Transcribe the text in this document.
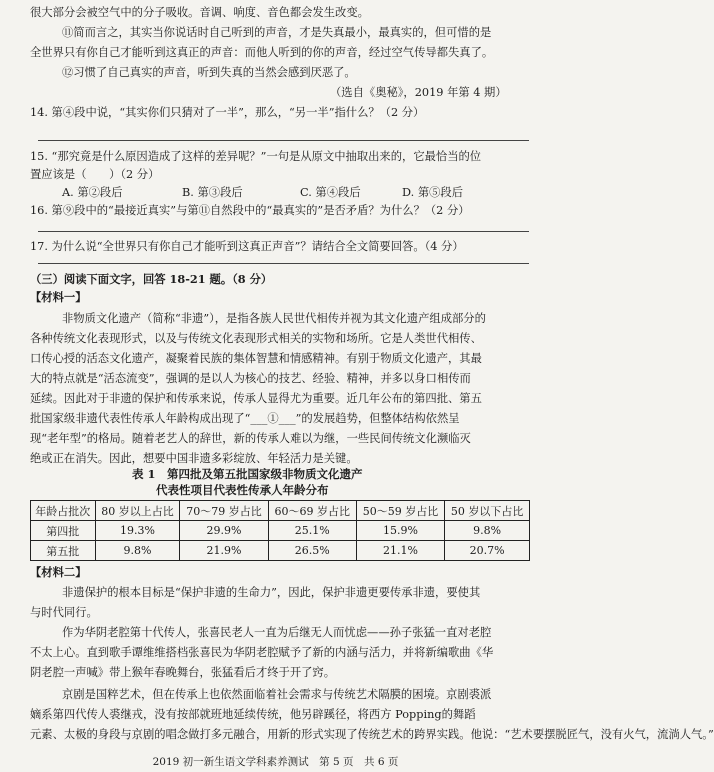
很大部分会被空气中的分子吸收。音调、响度、音色都会发生改变。
⑪简而言之，其实当你说话时自己听到的声音，才是失真最小，最真实的，但可惜的是
全世界只有你自己才能听到这真正的声音：而他人听到的你的声音，经过空气传导都失真了。
⑫习惯了自己真实的声音，听到失真的当然会感到厌恶了。
（选自《奥秘》，2019 年第 4 期）
14. 第④段中说，“其实你们只猜对了一半”，那么，“另一半”指什么？（2 分）
15. “那究竟是什么原因造成了这样的差异呢？”一句是从原文中抽取出来的，它最恰当的位
置应该是（　　）（2 分）
A. 第②段后	B. 第③段后	C. 第④段后	D. 第⑤段后
16. 第⑨段中的“最接近真实”与第⑪自然段中的“最真实的”是否矛盾？为什么？（2 分）
17. 为什么说“全世界只有你自己才能听到这真正声音”？请结合全文简要回答。（4 分）
（三）阅读下面文字，回答 18-21 题。（8 分）
【材料一】
非物质文化遗产（简称“非遗”），是指各族人民世代相传并视为其文化遗产组成部分的
各种传统文化表现形式，以及与传统文化表现形式相关的实物和场所。它是人类世代相传、
口传心授的活态文化遗产，凝聚着民族的集体智慧和情感精神。有别于物质文化遗产，其最
大的特点就是“活态流变”，强调的是以人为核心的技艺、经验、精神，并多以身口相传而
延续。因此对于非遗的保护和传承来说，传承人显得尤为重要。近几年公布的第四批、第五
批国家级非遗代表性传承人年龄构成出现了“___①___”的发展趋势，但整体结构依然呈
现“老年型”的格局。随着老艺人的辞世，新的传承人难以为继，一些民间传统文化濒临灭
绝或正在消失。因此，想要中国非遗多彩绽放、年轻活力是关键。
表 1　第四批及第五批国家级非物质文化遗产
代表性项目代表性传承人年龄分布
年龄占批次	80 岁以上占比	70～79 岁占比	60～69 岁占比	50～59 岁占比	50 岁以下占比
第四批	19.3%	29.9%	25.1%	15.9%	9.8%
第五批	9.8%	21.9%	26.5%	21.1%	20.7%
【材料二】
非遗保护的根本目标是“保护非遗的生命力”，因此，保护非遗更要传承非遗，要使其
与时代同行。
作为华阴老腔第十代传人，张喜民老人一直为后继无人而忧虑——孙子张猛一直对老腔
不太上心。直到歌手谭维维搭档张喜民为华阴老腔赋予了新的内涵与活力，并将新编歌曲《华
阴老腔一声喊》带上猴年春晚舞台，张猛看后才终于开了窍。
京剧是国粹艺术，但在传承上也依然面临着社会需求与传统艺术隔膜的困境。京剧裘派
嫡系第四代传人裘继戎，没有按部就班地延续传统，他另辟蹊径，将西方 Popping的舞蹈
元素、太极的身段与京剧的唱念做打多元融合，用新的形式实现了传统艺术的跨界实践。他说：“艺术要摆脱匠气，没有火气，流淌人气。”
2019 初一新生语文学科素养测试　第 5 页　共 6 页
